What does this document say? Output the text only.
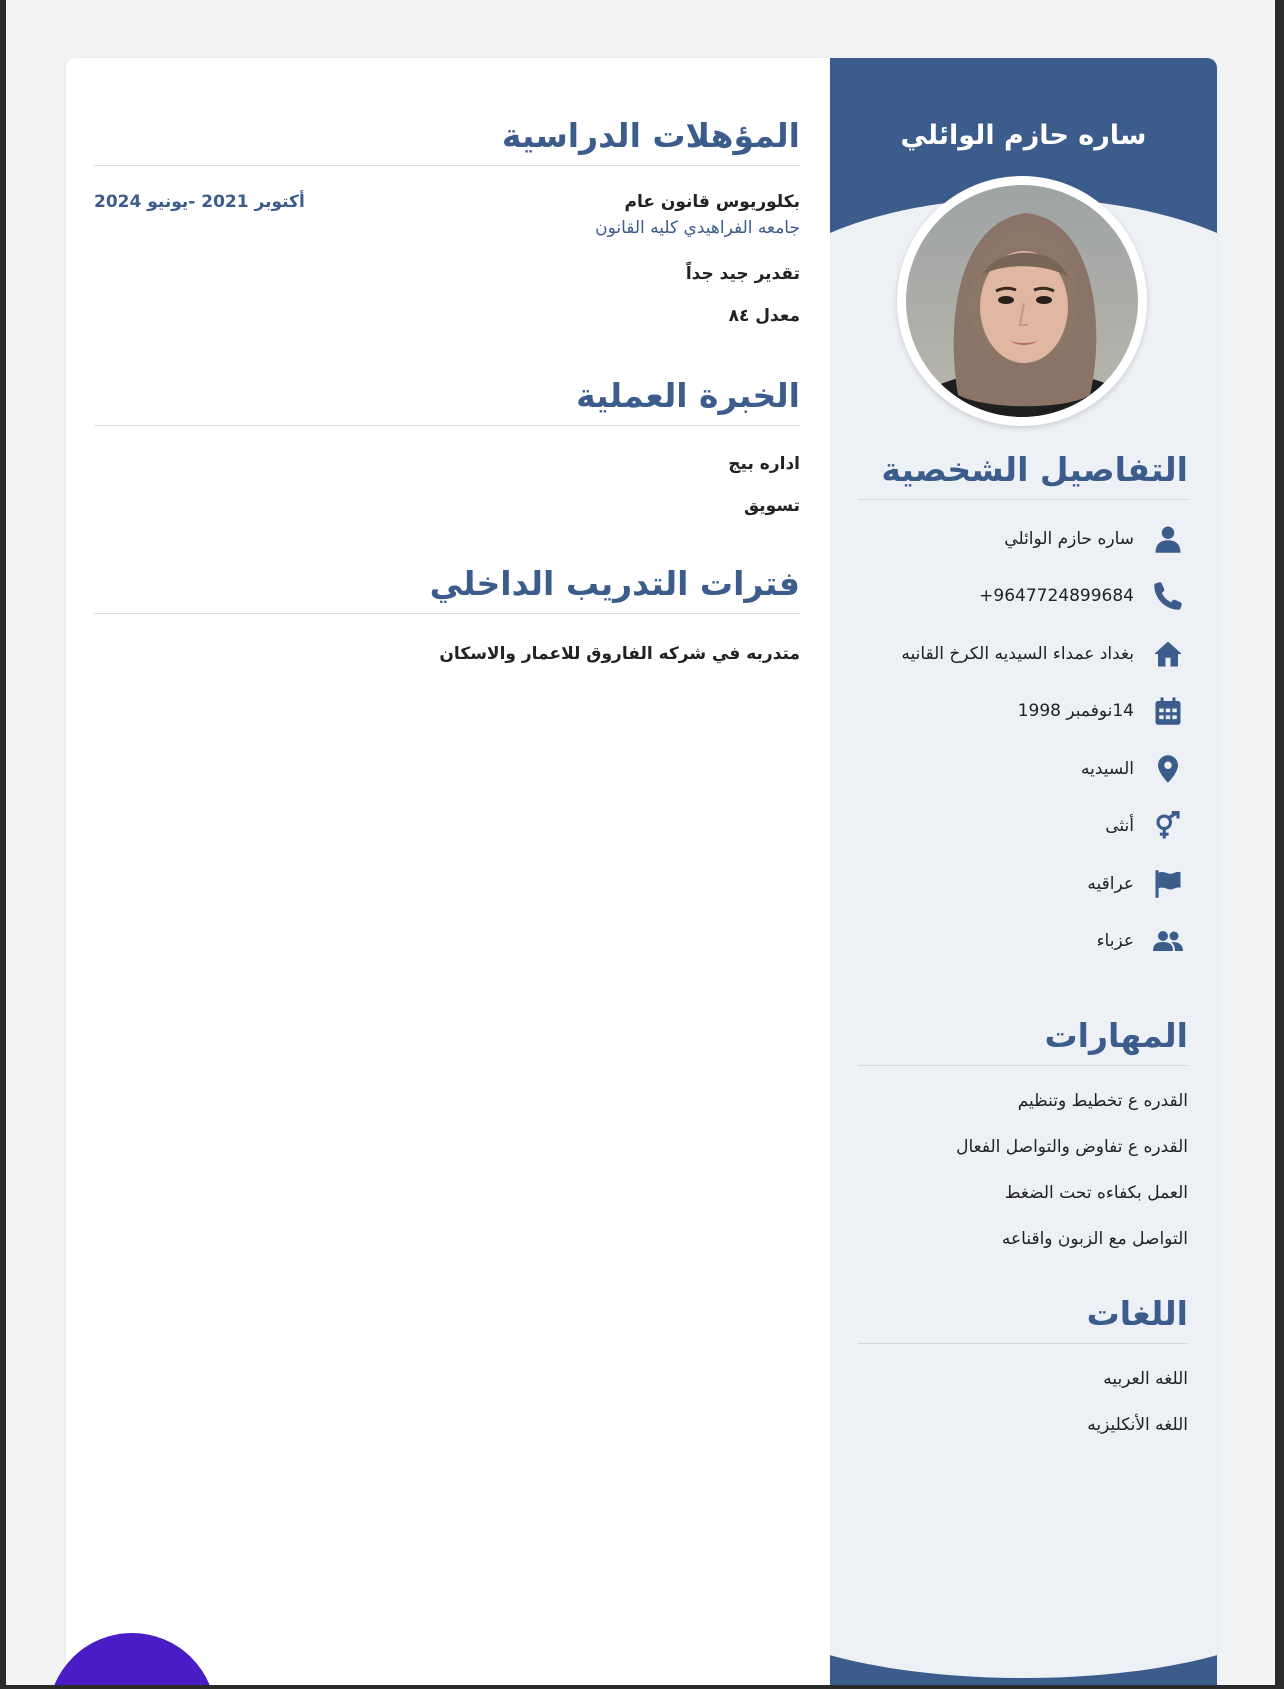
ساره حازم الوائلي
التفاصيل الشخصية
ساره حازم الوائلي
+9647724899684
بغداد عمداء السيديه الكرخ القانيه
14نوفمبر 1998
السيديه
أنثى
عراقيه
عزباء
المهارات
القدره ع تخطيط وتنظيم
القدره ع تفاوض والتواصل الفعال
العمل بكفاءه تحت الضغط
التواصل مع الزبون واقناعه
اللغات
اللغه العربيه
اللغه الأنكليزيه
المؤهلات الدراسية
بكلوريوس قانون عام
جامعه الفراهيدي كليه القانون
أكتوبر 2021 -يونيو 2024
تقدير جيد جداً
معدل ٨٤
الخبرة العملية
اداره بيج
تسويق
فترات التدريب الداخلي
متدربه في شركه الفاروق للاعمار والاسكان
